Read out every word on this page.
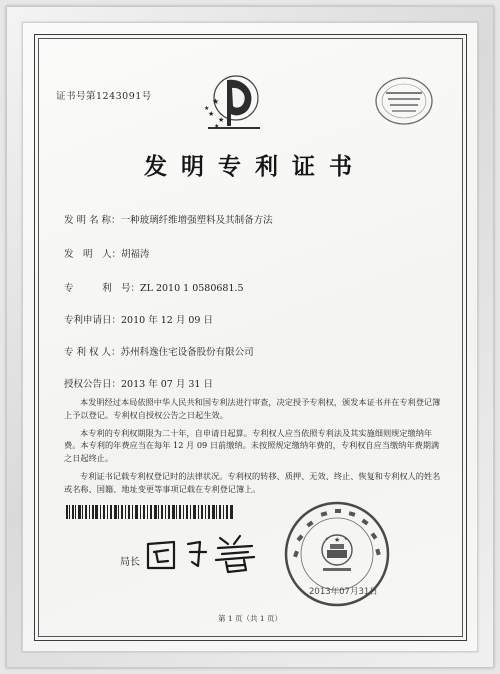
证书号第1243091号	★
★
★
★
★
发明专利证书
发 明 名 称：一种玻璃纤维增强塑料及其制备方法
发　明　人：胡福涛
专　　　利　号：ZL 2010 1 0580681.5
专利申请日：2010 年 12 月 09 日
专 利 权 人：苏州科逸住宅设备股份有限公司
授权公告日：2013 年 07 月 31 日

本发明经过本局依照中华人民共和国专利法进行审查，决定授予专利权，颁发本证书并在专利登记簿上予以登记。专利权自授权公告之日起生效。

本专利的专利权期限为二十年，自申请日起算。专利权人应当依照专利法及其实施细则规定缴纳年费。本专利的年费应当在每年 12 月 09 日前缴纳。未按照规定缴纳年费的，专利权自应当缴纳年费期满之日起终止。

专利证书记载专利权登记时的法律状况。专利权的转移、质押、无效、终止、恢复和专利权人的姓名或名称、国籍、地址变更等事项记载在专利登记簿上。

局长
★
★	★
2013年07月31日
第 1 页（共 1 页）
